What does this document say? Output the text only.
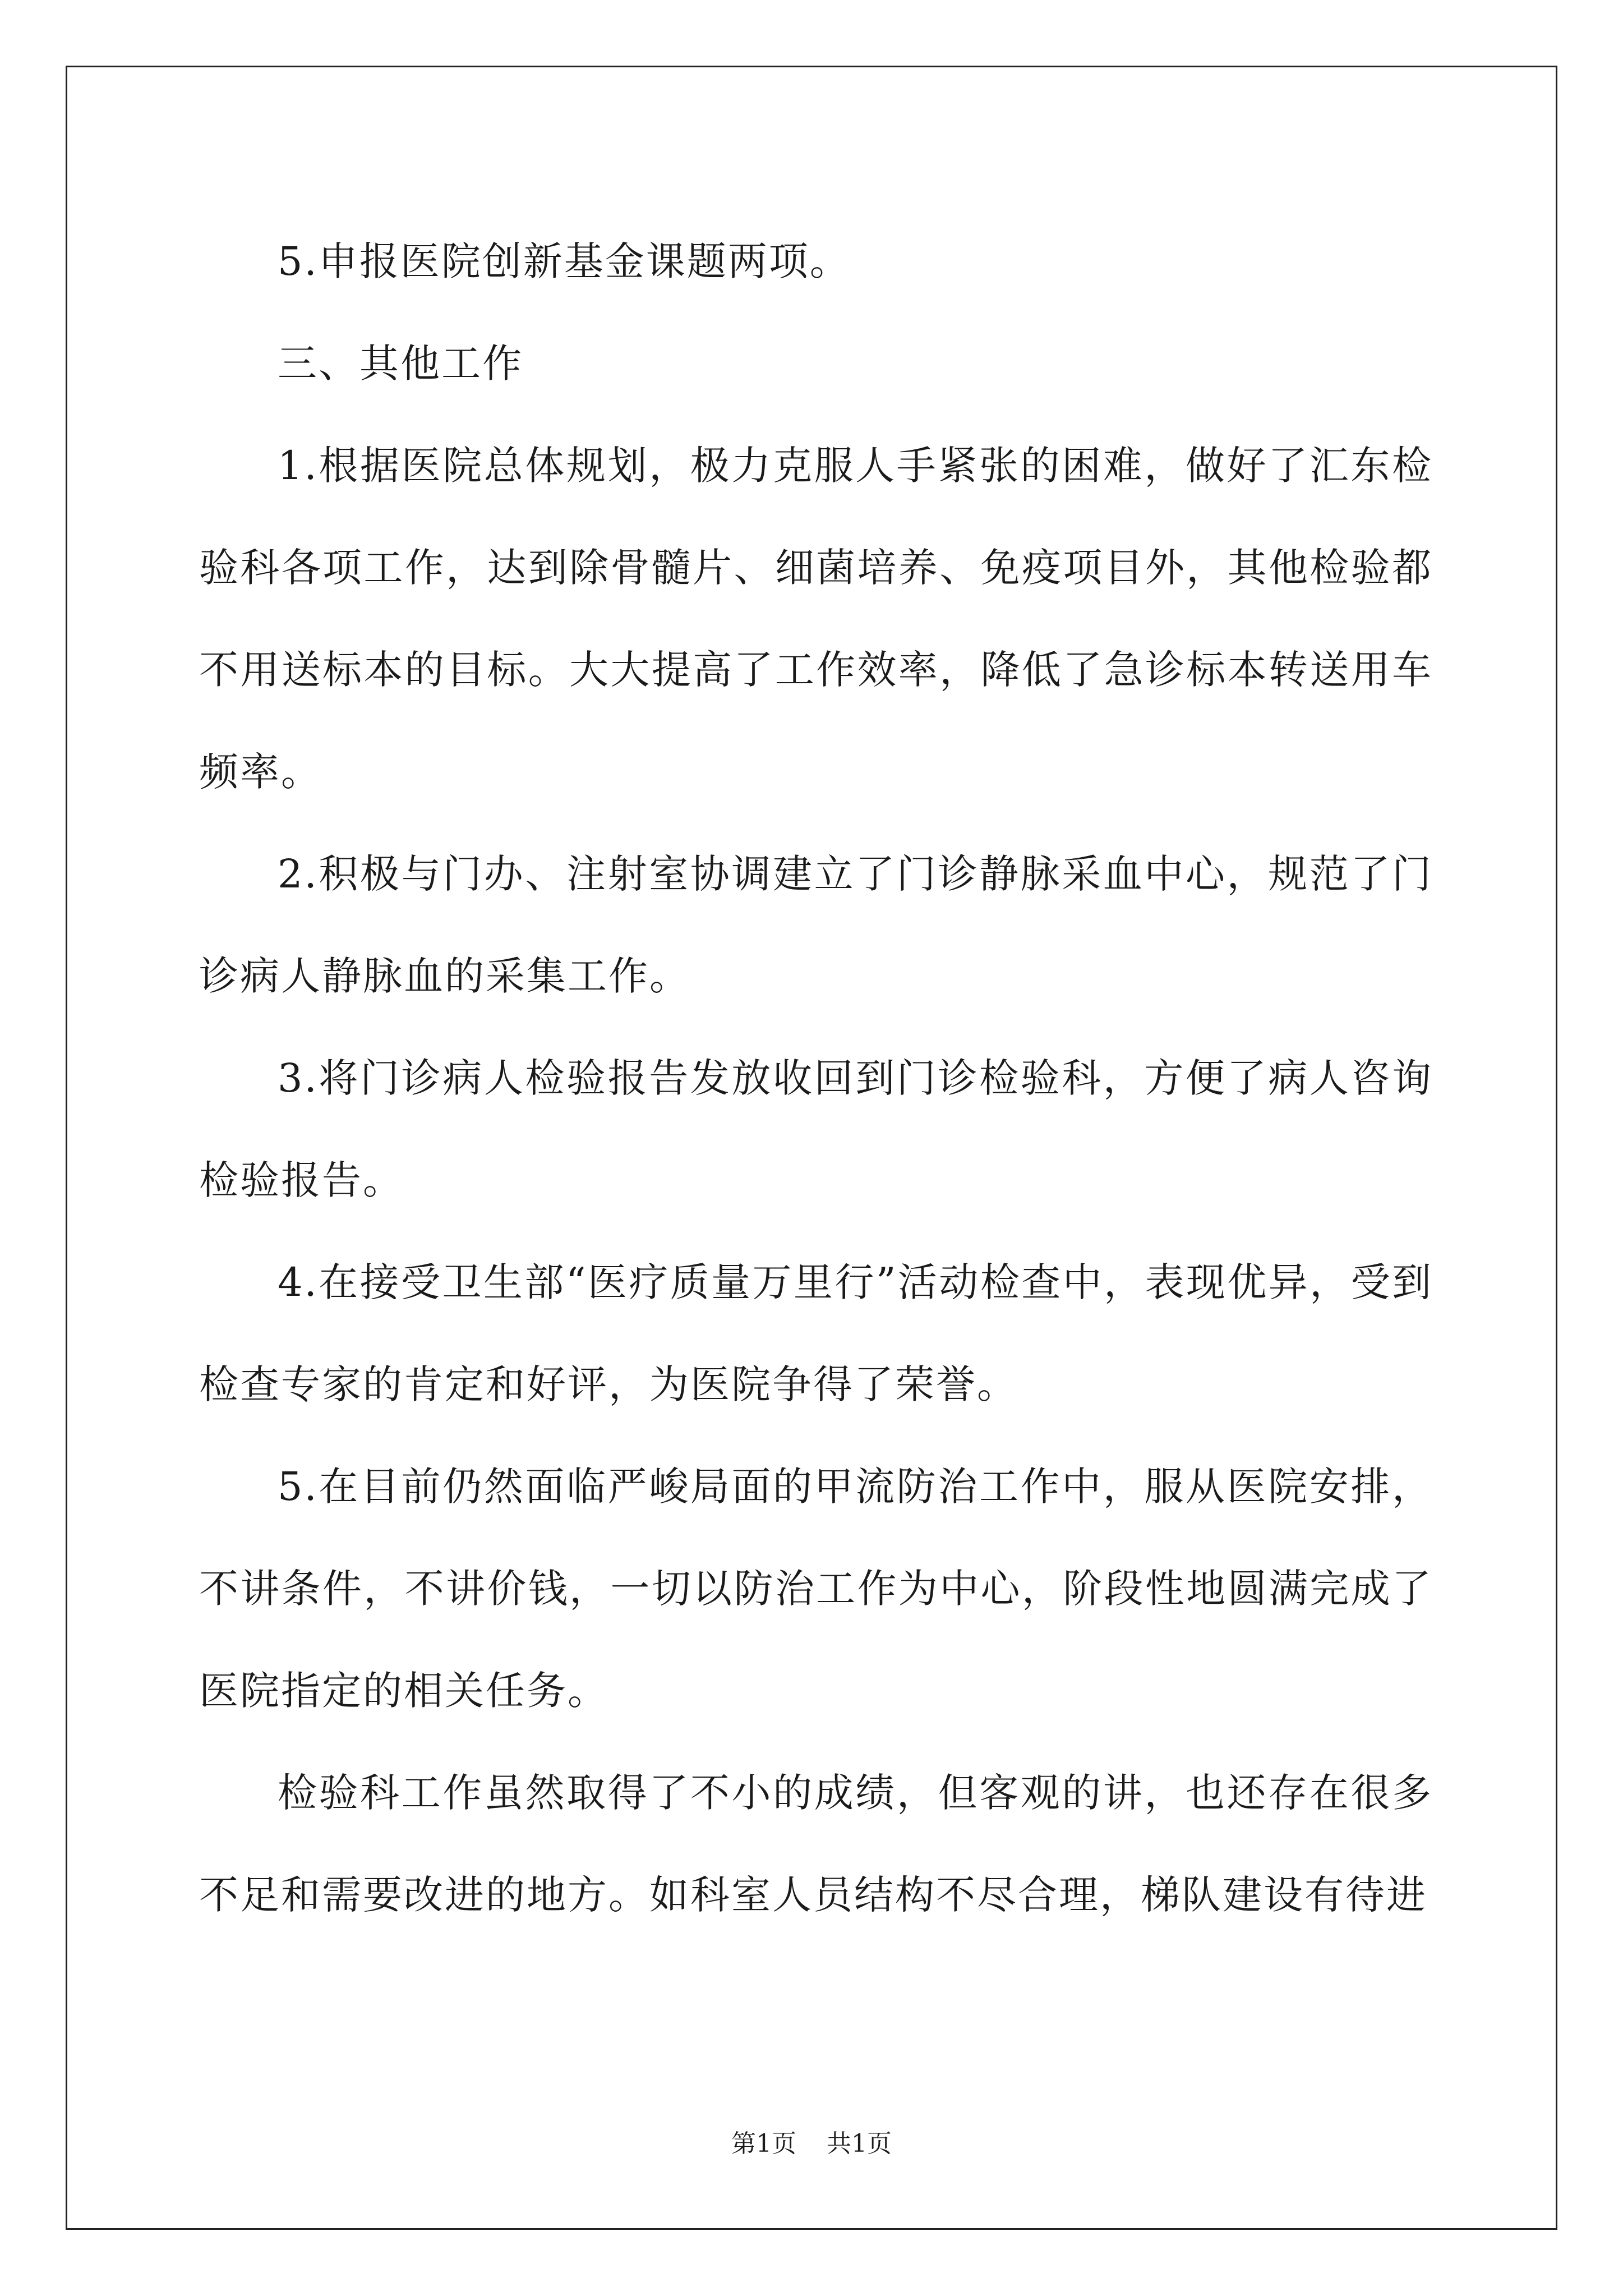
5.申报医院创新基金课题两项。

三、其他工作

1.根据医院总体规划，极力克服人手紧张的困难，做好了汇东检验科各项工作，达到除骨髓片、细菌培养、免疫项目外，其他检验都不用送标本的目标。大大提高了工作效率，降低了急诊标本转送用车频率。

2.积极与门办、注射室协调建立了门诊静脉采血中心，规范了门诊病人静脉血的采集工作。

3.将门诊病人检验报告发放收回到门诊检验科，方便了病人咨询检验报告。

4.在接受卫生部“医疗质量万里行”活动检查中，表现优异，受到检查专家的肯定和好评，为医院争得了荣誉。

5.在目前仍然面临严峻局面的甲流防治工作中，服从医院安排，不讲条件，不讲价钱，一切以防治工作为中心，阶段性地圆满完成了医院指定的相关任务。

检验科工作虽然取得了不小的成绩，但客观的讲，也还存在很多不足和需要改进的地方。如科室人员结构不尽合理，梯队建设有待进

第1页 共1页
